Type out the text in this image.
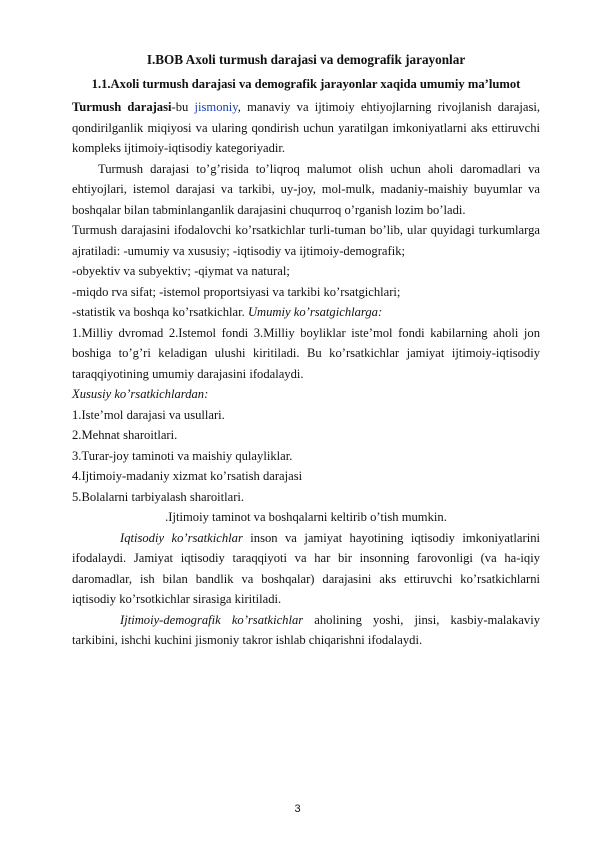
I.BOB Axoli turmush darajasi va demografik jarayonlar
1.1.Axoli turmush darajasi va demografik jarayonlar xaqida umumiy ma’lumot

Turmush darajasi-bu jismoniy, manaviy va ijtimoiy ehtiyojlarning rivojlanish darajasi, qondirilganlik miqiyosi va ularing qondirish uchun yaratilgan imkoniyatlarni aks ettiruvchi kompleks ijtimoiy-iqtisodiy kategoriyadir.

Turmush darajasi to’g’risida to’liqroq malumot olish uchun aholi daromadlari va ehtiyojlari, istemol darajasi va tarkibi, uy-joy, mol-mulk, madaniy-maishiy buyumlar va boshqalar bilan tabminlanganlik darajasini chuqurroq o’rganish lozim bo’ladi.

Turmush darajasini ifodalovchi ko’rsatkichlar turli-tuman bo’lib, ular quyidagi turkumlarga ajratiladi: -umumiy va xususiy; -iqtisodiy va ijtimoiy-demografik;

-obyektiv va subyektiv; -qiymat va natural;

-miqdo rva sifat; -istemol proportsiyasi va tarkibi ko’rsatgichlari;

-statistik va boshqa ko’rsatkichlar. Umumiy ko’rsatgichlarga:

1.Milliy dvromad 2.Istemol fondi 3.Milliy boyliklar iste’mol fondi kabilarning aholi jon boshiga to’g’ri keladigan ulushi kiritiladi. Bu ko’rsatkichlar jamiyat ijtimoiy-iqtisodiy taraqqiyotining umumiy darajasini ifodalaydi.

Xususiy ko’rsatkichlardan:

1.Iste’mol darajasi va usullari.

2.Mehnat sharoitlari.

3.Turar-joy taminoti va maishiy qulayliklar.

4.Ijtimoiy-madaniy xizmat ko’rsatish darajasi

5.Bolalarni tarbiyalash sharoitlari.

.Ijtimoiy taminot va boshqalarni keltirib o’tish mumkin.

Iqtisodiy ko’rsatkichlar inson va jamiyat hayotining iqtisodiy imkoniyatlarini ifodalaydi. Jamiyat iqtisodiy taraqqiyoti va har bir insonning farovonligi (va ha-iqiy daromadlar, ish bilan bandlik va boshqalar) darajasini aks ettiruvchi ko’rsatkichlarni iqtisodiy ko’rsotkichlar sirasiga kiritiladi.

Ijtimoiy-demografik ko’rsatkichlar aholining yoshi, jinsi, kasbiy-malakaviy tarkibini, ishchi kuchini jismoniy takror ishlab chiqarishni ifodalaydi.

3
